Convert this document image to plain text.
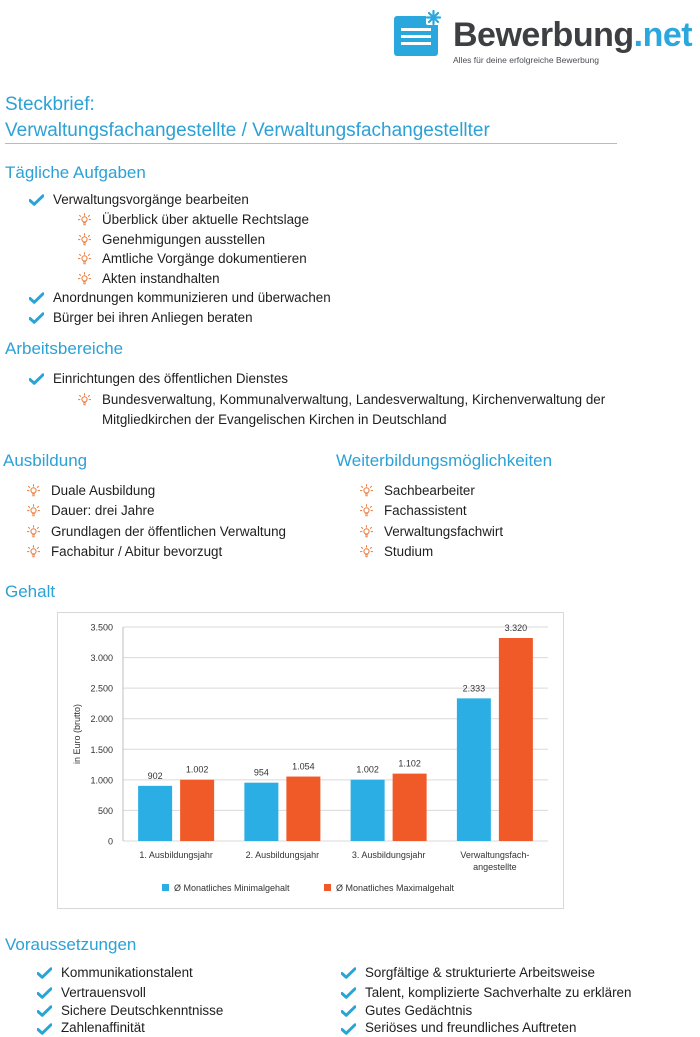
Bewerbung.net
Alles für deine erfolgreiche Bewerbung
Steckbrief:
Verwaltungsfachangestellte / Verwaltungsfachangestellter
Tägliche Aufgaben
Verwaltungsvorgänge bearbeiten
Überblick über aktuelle Rechtslage
Genehmigungen ausstellen
Amtliche Vorgänge dokumentieren
Akten instandhalten
Anordnungen kommunizieren und überwachen
Bürger bei ihren Anliegen beraten
Arbeitsbereiche
Einrichtungen des öffentlichen Dienstes
Bundesverwaltung, Kommunalverwaltung, Landesverwaltung, Kirchenverwaltung der
Mitgliedkirchen der Evangelischen Kirchen in Deutschland
Ausbildung
Duale Ausbildung
Dauer: drei Jahre
Grundlagen der öffentlichen Verwaltung
Fachabitur / Abitur bevorzugt
Weiterbildungsmöglichkeiten
Sachbearbeiter
Fachassistent
Verwaltungsfachwirt
Studium
Gehalt
0
500
1.000
1.500
2.000
2.500
3.000
3.500
in Euro (brutto)
902
1.002
1. Ausbildungsjahr
954
1.054
2. Ausbildungsjahr
1.002
1.102
3. Ausbildungsjahr
2.333
3.320
Verwaltungsfach-
angestellte
Ø Monatliches Minimalgehalt	Ø Monatliches Maximalgehalt
Voraussetzungen
Kommunikationstalent
Vertrauensvoll
Sichere Deutschkenntnisse
Zahlenaffinität
Sorgfältige & strukturierte Arbeitsweise
Talent, komplizierte Sachverhalte zu erklären
Gutes Gedächtnis
Seriöses und freundliches Auftreten
